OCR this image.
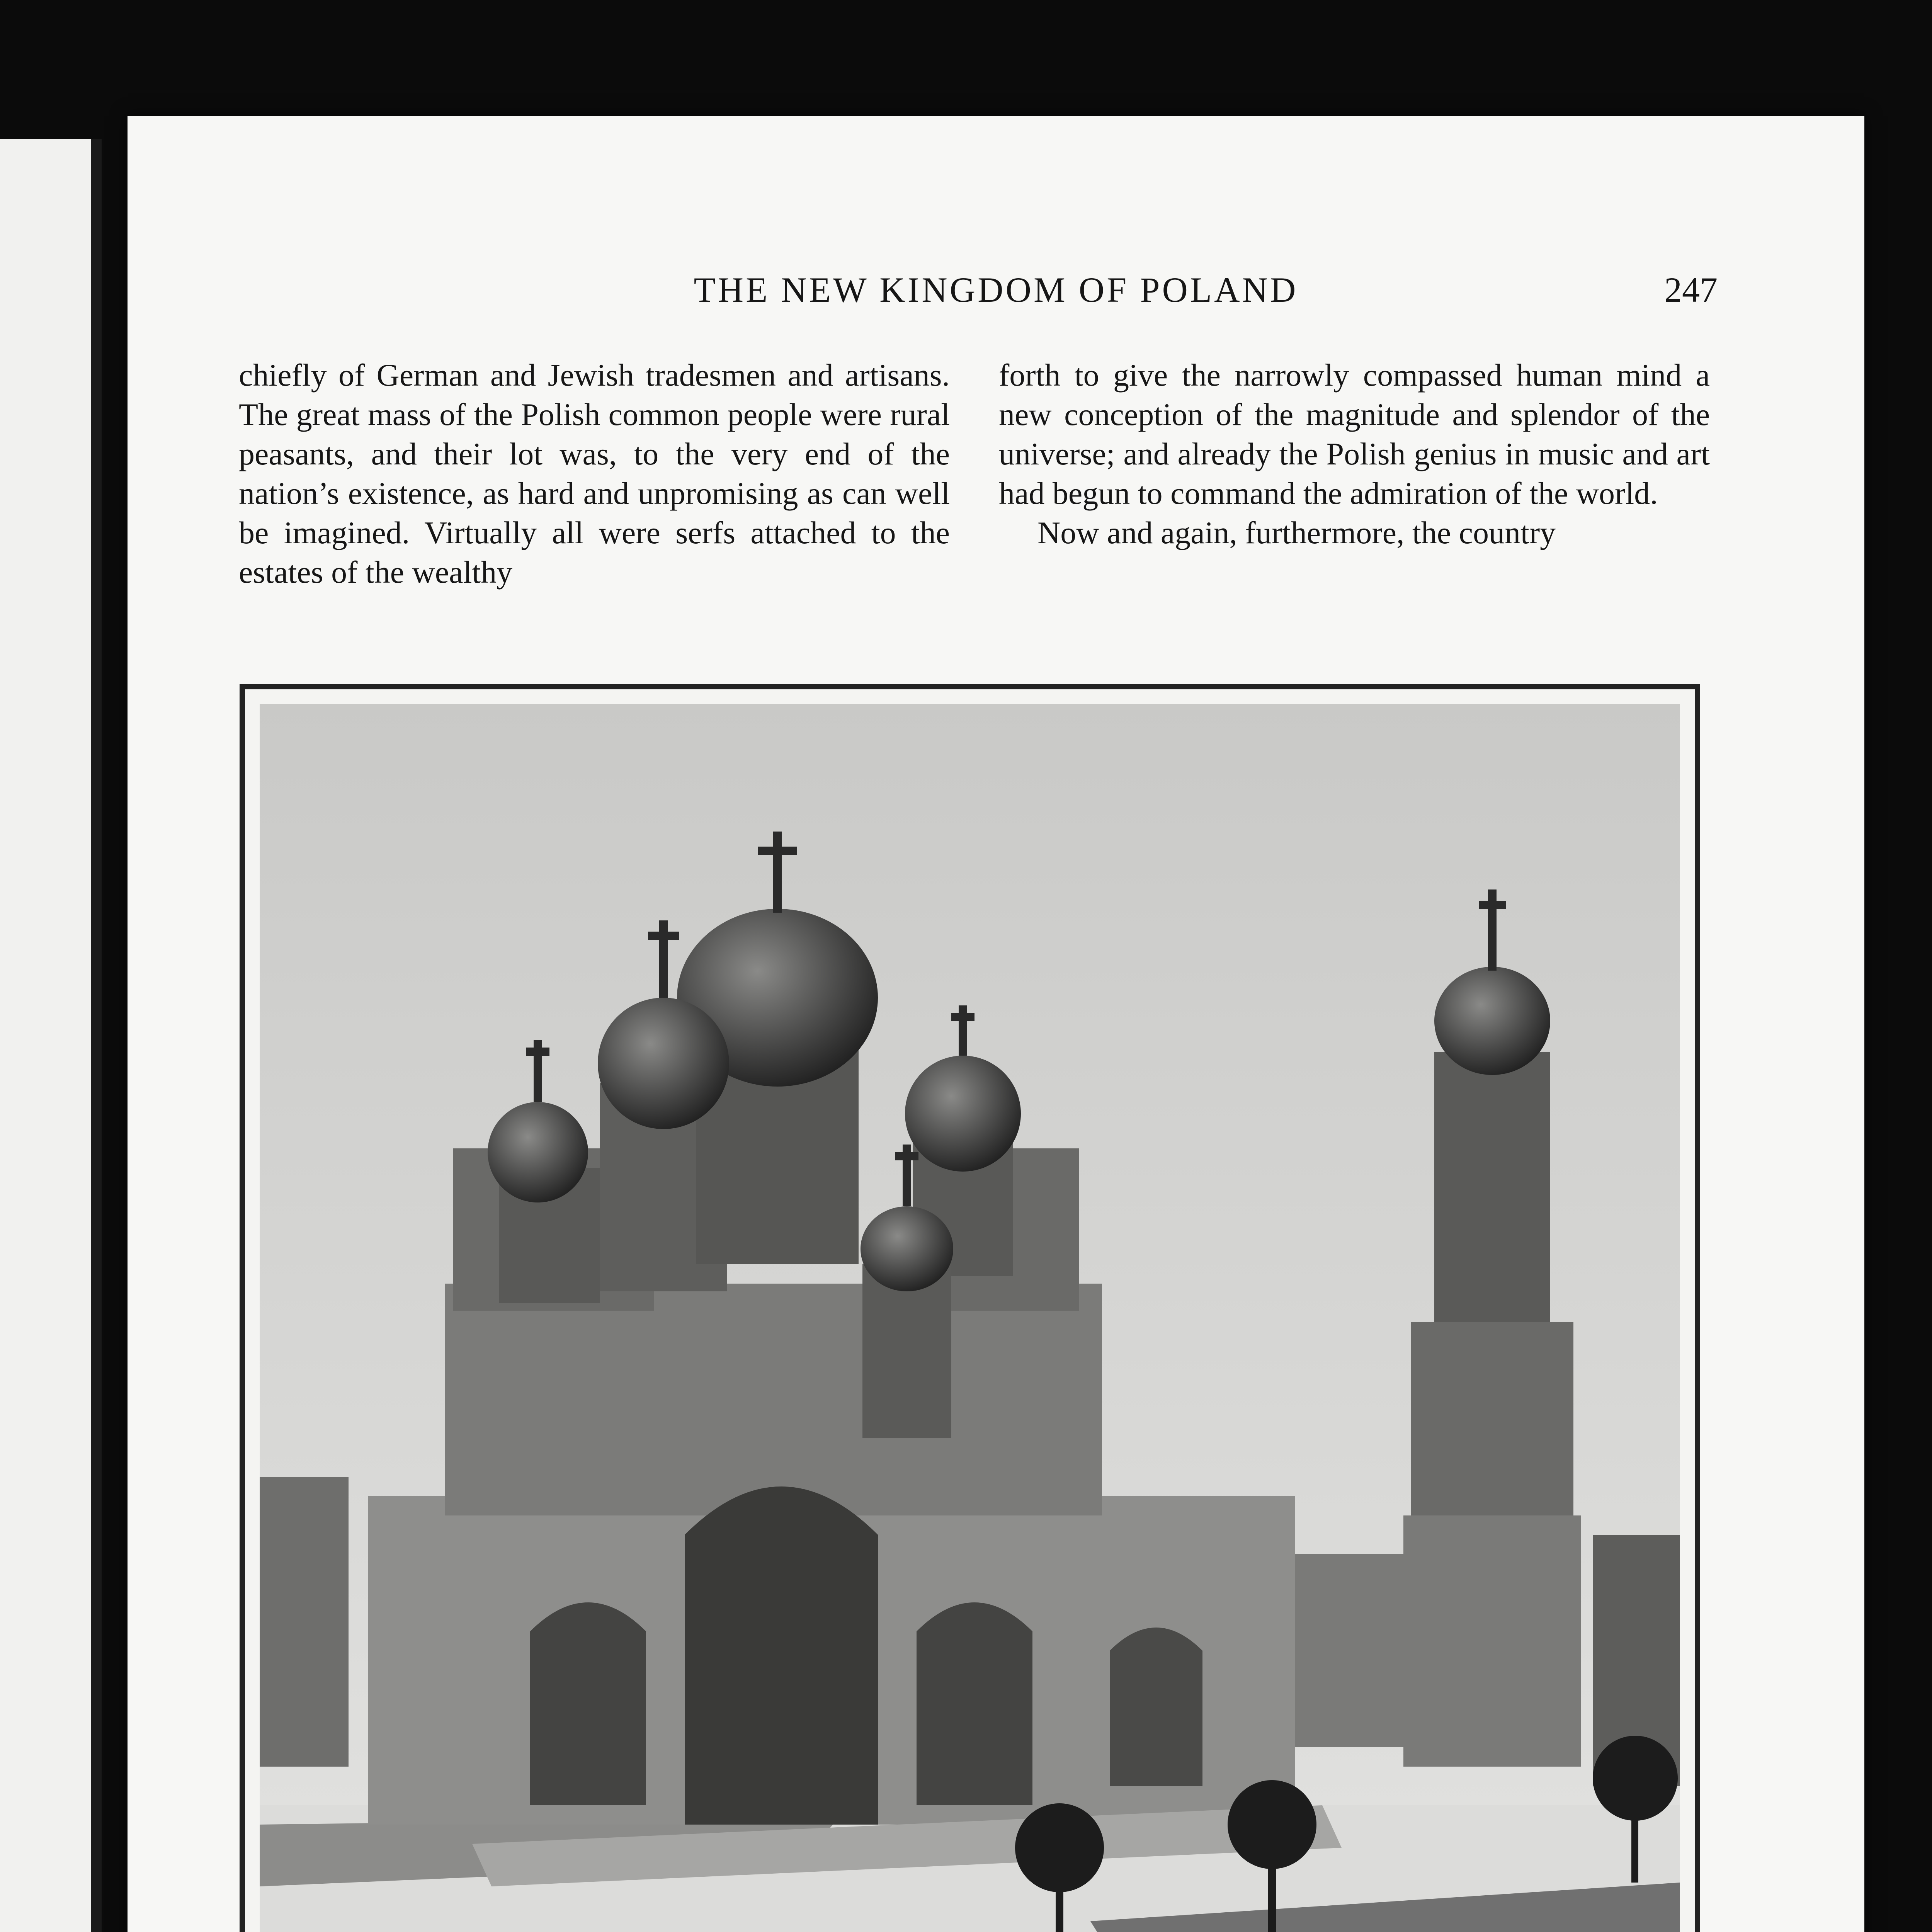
THE NEW KINGDOM OF POLAND	247

chiefly of German and Jewish tradesmen and artisans. The great mass of the Polish common people were rural peasants, and their lot was, to the very end of the nation’s existence, as hard and unpromising as can well be imagined. Virtually all were serfs attached to the estates of the wealthy

forth to give the narrowly compassed human mind a new conception of the magnitude and splendor of the universe; and already the Polish genius in music and art had begun to command the admiration of the world.

Now and again, furthermore, the country
